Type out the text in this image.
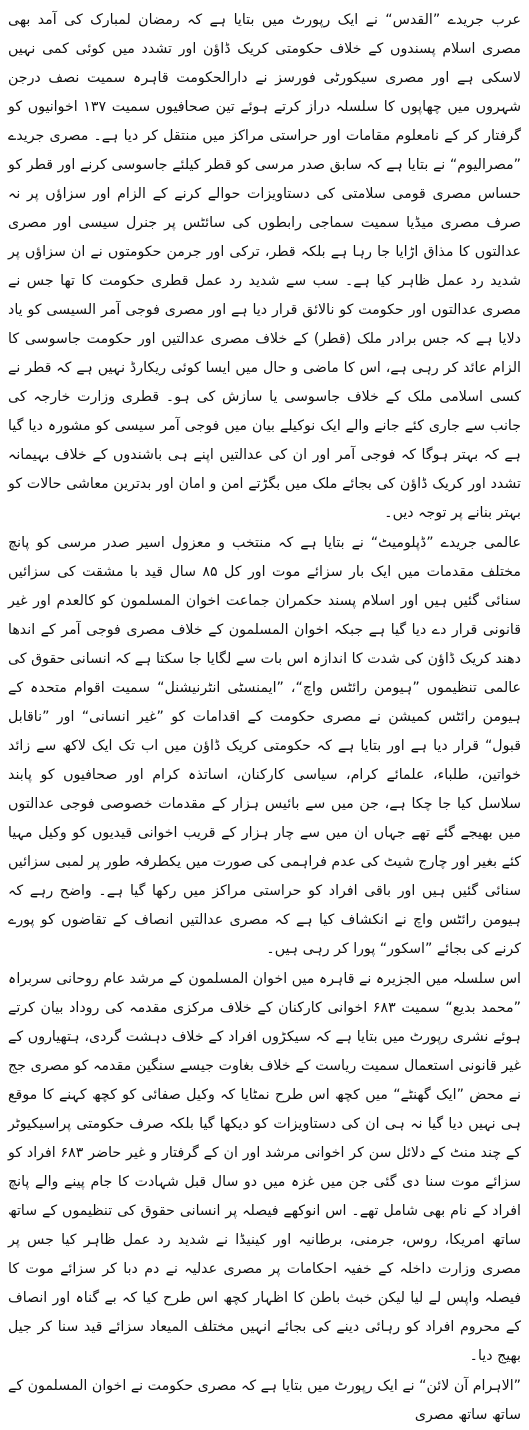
عرب جریدے ”القدس“ نے ایک رپورٹ میں بتایا ہے کہ رمضان لمبارک کی آمد بھی مصری اسلام پسندوں کے خلاف حکومتی کریک ڈاؤن اور تشدد میں کوئی کمی نہیں لاسکی ہے اور مصری سیکورٹی فورسز نے دارالحکومت قاہرہ سمیت نصف درجن شہروں میں چھاپوں کا سلسلہ دراز کرتے ہوئے تین صحافیوں سمیت ۱۳۷ اخوانیوں کو گرفتار کر کے نامعلوم مقامات اور حراستی مراکز میں منتقل کر دیا ہے۔ مصری جریدے ”مصرالیوم“ نے بتایا ہے کہ سابق صدر مرسی کو قطر کیلئے جاسوسی کرنے اور قطر کو حساس مصری قومی سلامتی کی دستاویزات حوالے کرنے کے الزام اور سزاؤں پر نہ صرف مصری میڈیا سمیت سماجی رابطوں کی سائٹس پر جنرل سیسی اور مصری عدالتوں کا مذاق اڑایا جا رہا ہے بلکہ قطر، ترکی اور جرمن حکومتوں نے ان سزاؤں پر شدید رد عمل ظاہر کیا ہے۔ سب سے شدید رد عمل قطری حکومت کا تھا جس نے مصری عدالتوں اور حکومت کو نالائق قرار دیا ہے اور مصری فوجی آمر السیسی کو یاد دلایا ہے کہ جس برادر ملک (قطر) کے خلاف مصری عدالتیں اور حکومت جاسوسی کا الزام عائد کر رہی ہے، اس کا ماضی و حال میں ایسا کوئی ریکارڈ نہیں ہے کہ قطر نے کسی اسلامی ملک کے خلاف جاسوسی یا سازش کی ہو۔ قطری وزارت خارجہ کی جانب سے جاری کئے جانے والے ایک نوکیلے بیان میں فوجی آمر سیسی کو مشورہ دیا گیا ہے کہ بہتر ہوگا کہ فوجی آمر اور ان کی عدالتیں اپنے ہی باشندوں کے خلاف بہیمانہ تشدد اور کریک ڈاؤن کی بجائے ملک میں بگڑتے امن و امان اور بدترین معاشی حالات کو بہتر بنانے پر توجہ دیں۔

عالمی جریدے ”ڈپلومیٹ“ نے بتایا ہے کہ منتخب و معزول اسیر صدر مرسی کو پانچ مختلف مقدمات میں ایک بار سزائے موت اور کل ۸۵ سال قید با مشقت کی سزائیں سنائی گئیں ہیں اور اسلام پسند حکمران جماعت اخوان المسلمون کو کالعدم اور غیر قانونی قرار دے دیا گیا ہے جبکہ اخوان المسلمون کے خلاف مصری فوجی آمر کے اندھا دھند کریک ڈاؤن کی شدت کا اندازہ اس بات سے لگایا جا سکتا ہے کہ انسانی حقوق کی عالمی تنظیموں ”ہیومن رائٹس واچ“، ”ایمنسٹی انٹرنیشنل“ سمیت اقوام متحدہ کے ہیومن رائٹس کمیشن نے مصری حکومت کے اقدامات کو ”غیر انسانی“ اور ”ناقابل قبول“ قرار دیا ہے اور بتایا ہے کہ حکومتی کریک ڈاؤن میں اب تک ایک لاکھ سے زائد خواتین، طلباء، علمائے کرام، سیاسی کارکنان، اساتذہ کرام اور صحافیوں کو پابند سلاسل کیا جا چکا ہے، جن میں سے بائیس ہزار کے مقدمات خصوصی فوجی عدالتوں میں بھیجے گئے تھے جہاں ان میں سے چار ہزار کے قریب اخوانی قیدیوں کو وکیل مہیا کئے بغیر اور چارج شیٹ کی عدم فراہمی کی صورت میں یکطرفہ طور پر لمبی سزائیں سنائی گئیں ہیں اور باقی افراد کو حراستی مراکز میں رکھا گیا ہے۔ واضح رہے کہ ہیومن رائٹس واچ نے انکشاف کیا ہے کہ مصری عدالتیں انصاف کے تقاضوں کو پورے کرنے کی بجائے ”اسکور“ پورا کر رہی ہیں۔

اس سلسلہ میں الجزیرہ نے قاہرہ میں اخوان المسلمون کے مرشد عام روحانی سربراہ ”محمد بدیع“ سمیت ۶۸۳ اخوانی کارکنان کے خلاف مرکزی مقدمہ کی روداد بیان کرتے ہوئے نشری رپورٹ میں بتایا ہے کہ سیکڑوں افراد کے خلاف دہشت گردی، ہتھیاروں کے غیر قانونی استعمال سمیت ریاست کے خلاف بغاوت جیسے سنگین مقدمہ کو مصری جج نے محض ”ایک گھنٹے“ میں کچھ اس طرح نمٹایا کہ وکیل صفائی کو کچھ کہنے کا موقع ہی نہیں دیا گیا نہ ہی ان کی دستاویزات کو دیکھا گیا بلکہ صرف حکومتی پراسیکیوٹر کے چند منٹ کے دلائل سن کر اخوانی مرشد اور ان کے گرفتار و غیر حاضر ۶۸۳ افراد کو سزائے موت سنا دی گئی جن میں غزہ میں دو سال قبل شہادت کا جام پینے والے پانچ افراد کے نام بھی شامل تھے۔ اس انوکھے فیصلہ پر انسانی حقوق کی تنظیموں کے ساتھ ساتھ امریکا، روس، جرمنی، برطانیہ اور کینیڈا نے شدید رد عمل ظاہر کیا جس پر مصری وزارت داخلہ کے خفیہ احکامات پر مصری عدلیہ نے دم دبا کر سزائے موت کا فیصلہ واپس لے لیا لیکن خبث باطن کا اظہار کچھ اس طرح کیا کہ بے گناہ اور انصاف کے محروم افراد کو رہائی دینے کی بجائے انہیں مختلف المیعاد سزائے قید سنا کر جیل بھیج دیا۔

”الاہرام آن لائن“ نے ایک رپورٹ میں بتایا ہے کہ مصری حکومت نے اخوان المسلمون کے ساتھ ساتھ مصری
